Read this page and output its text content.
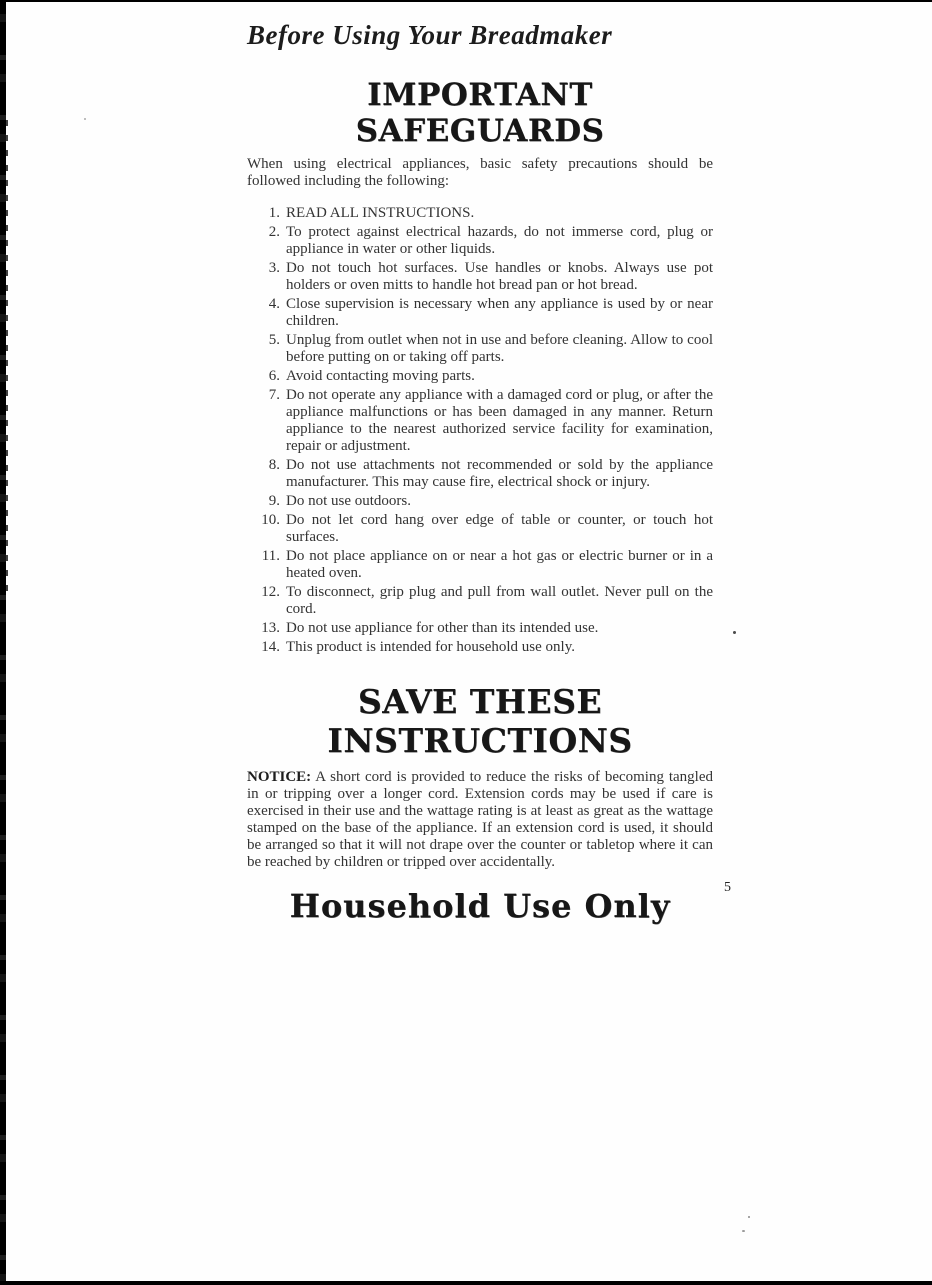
Before Using Your Breadmaker
IMPORTANT SAFEGUARDS

When using electrical appliances, basic safety precautions should be followed including the following:

1. READ ALL INSTRUCTIONS.
2. To protect against electrical hazards, do not immerse cord, plug or appliance in water or other liquids.
3. Do not touch hot surfaces. Use handles or knobs. Always use pot holders or oven mitts to handle hot bread pan or hot bread.
4. Close supervision is necessary when any appliance is used by or near children.
5. Unplug from outlet when not in use and before cleaning. Allow to cool before putting on or taking off parts.
6. Avoid contacting moving parts.
7. Do not operate any appliance with a damaged cord or plug, or after the appliance malfunctions or has been damaged in any manner. Return appliance to the nearest authorized service facility for examination, repair or adjustment.
8. Do not use attachments not recommended or sold by the appliance manufacturer. This may cause fire, electrical shock or injury.
9. Do not use outdoors.
10. Do not let cord hang over edge of table or counter, or touch hot surfaces.
11. Do not place appliance on or near a hot gas or electric burner or in a heated oven.
12. To disconnect, grip plug and pull from wall outlet. Never pull on the cord.
13. Do not use appliance for other than its intended use.
14. This product is intended for household use only.
SAVE THESE INSTRUCTIONS

NOTICE: A short cord is provided to reduce the risks of becoming tangled in or tripping over a longer cord. Extension cords may be used if care is exercised in their use and the wattage rating is at least as great as the wattage stamped on the base of the appliance. If an extension cord is used, it should be arranged so that it will not drape over the counter or tabletop where it can be reached by children or tripped over accidentally.

Household Use Only	5
